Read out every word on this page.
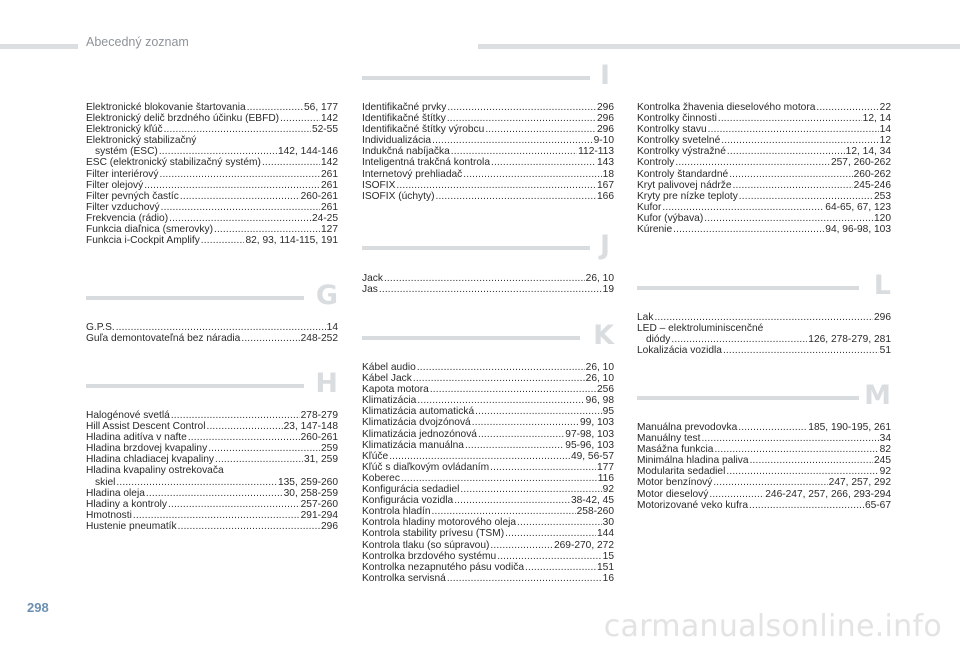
Abecedný zoznam
Elektronické blokovanie štartovania .....	56, 177
Elektronický delič brzdného účinku (EBFD) .....	142
Elektronický kľúč .....	52-55
Elektronický stabilizačný
systém (ESC) .....	142, 144-146
ESC (elektronický stabilizačný systém) .....	142
Filter interiérový .....	261
Filter olejový .....	261
Filter pevných častíc .....	260-261
Filter vzduchový .....	261
Frekvencia (rádio) .....	24-25
Funkcia diaľnica (smerovky) .....	127
Funkcia i-Cockpit Amplify .....	82, 93, 114-115, 191
G
G.P.S. .....	14
Guľa demontovateľná bez náradia .....	248-252
H
Halogénové svetlá .....	278-279
Hill Assist Descent Control .....	23, 147-148
Hladina aditíva v nafte .....	260-261
Hladina brzdovej kvapaliny .....	259
Hladina chladiacej kvapaliny .....	31, 259
Hladina kvapaliny ostrekovača
skiel .....	135, 259-260
Hladina oleja .....	30, 258-259
Hladiny a kontroly .....	257-260
Hmotnosti .....	291-294
Hustenie pneumatík .....	296
I
Identifikačné prvky .....	296
Identifikačné štítky .....	296
Identifikačné štítky výrobcu .....	296
Individualizácia .....	9-10
Indukčná nabíjačka .....	112-113
Inteligentná trakčná kontrola .....	143
Internetový prehliadač .....	18
ISOFIX .....	167
ISOFIX (úchyty) .....	166
J
Jack .....	26, 10
Jas .....	19
K
Kábel audio .....	26, 10
Kábel Jack .....	26, 10
Kapota motora .....	256
Klimatizácia .....	96, 98
Klimatizácia automatická .....	95
Klimatizácia dvojzónová .....	99, 103
Klimatizácia jednozónová .....	97-98, 103
Klimatizácia manuálna .....	95-96, 103
Kľúče .....	49, 56-57
Kľúč s diaľkovým ovládaním .....	177
Koberec .....	116
Konfigurácia sedadiel .....	92
Konfigurácia vozidla .....	38-42, 45
Kontrola hladín .....	258-260
Kontrola hladiny motorového oleja .....	30
Kontrola stability prívesu (TSM) .....	144
Kontrola tlaku (so súpravou) .....	269-270, 272
Kontrolka brzdového systému .....	15
Kontrolka nezapnutého pásu vodiča .....	151
Kontrolka servisná .....	16
Kontrolka žhavenia dieselového motora .....	22
Kontrolky činnosti .....	12, 14
Kontrolky stavu .....	14
Kontrolky svetelné .....	12
Kontrolky výstražné .....	12, 14, 34
Kontroly .....	257, 260-262
Kontroly štandardné .....	260-262
Kryt palivovej nádrže .....	245-246
Kryty pre nízke teploty .....	253
Kufor .....	64-65, 67, 123
Kufor (výbava) .....	120
Kúrenie .....	94, 96-98, 103
L
Lak .....	296
LED – elektroluminiscenčné
diódy .....	126, 278-279, 281
Lokalizácia vozidla .....	51
M
Manuálna prevodovka .....	185, 190-195, 261
Manuálny test .....	34
Masážna funkcia .....	82
Minimálna hladina paliva .....	245
Modularita sedadiel .....	92
Motor benzínový .....	247, 257, 292
Motor dieselový .....	246-247, 257, 266, 293-294
Motorizované veko kufra .....	65-67
298
carmanualsonline.info
